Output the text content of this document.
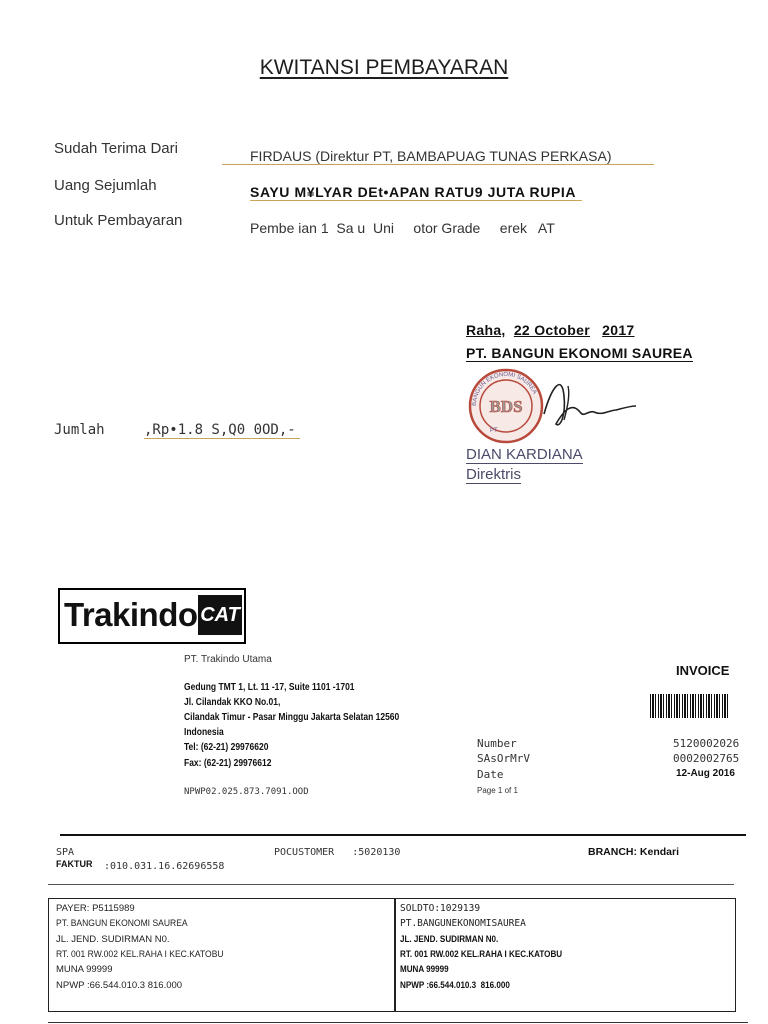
KWITANSI PEMBAYARAN
Sudah Terima Dari	FIRDAUS (Direktur PT, BAMBAPUAG TUNAS PERKASA)
Uang Sejumlah	SAYU M¥LYAR DEt•APAN RATU9 JUTA RUPIA
Untuk Pembayaran	Pembe ian 1  Sa u  Uni     otor Grade     erek   AT
Raha, 22 October 2017
PT. BANGUN EKONOMI SAUREA
BDS
BANGUN EKONOMI SAUREA
PT
DIAN KARDIANA
Direktris
Jumlah	,Rp•1.8 S,Q0 0OD,-
Trakindo CAT
PT. Trakindo Utama
Gedung TMT 1, Lt. 11 -17, Suite 1101 -1701
Jl. Cilandak KKO No.01,
Cilandak Timur - Pasar Minggu Jakarta Selatan 12560
Indonesia
Tel: (62-21) 29976620
Fax: (62-21) 29976612
NPWP02.025.873.7091.OOD
INVOICE
Number	5120002026
SAsOrMrV	0002002765
Date	12-Aug 2016
Page 1 of 1
SPA	POCUSTOMER   :5020130	BRANCH: Kendari
FAKTUR :010.031.16.62696558
PAYER: P5115989
PT. BANGUN EKONOMI SAUREA
JL. JEND. SUDIRMAN N0.
RT. 001 RW.002 KEL.RAHA I KEC.KATOBU
MUNA 99999
NPWP :66.544.010.3 816.000
SOLDTO:1029139
PT.BANGUNEKONOMISAUREA
JL. JEND. SUDIRMAN N0.
RT. 001 RW.002 KEL.RAHA I KEC.KATOBU
MUNA 99999
NPWP :66.544.010.3  816.000
